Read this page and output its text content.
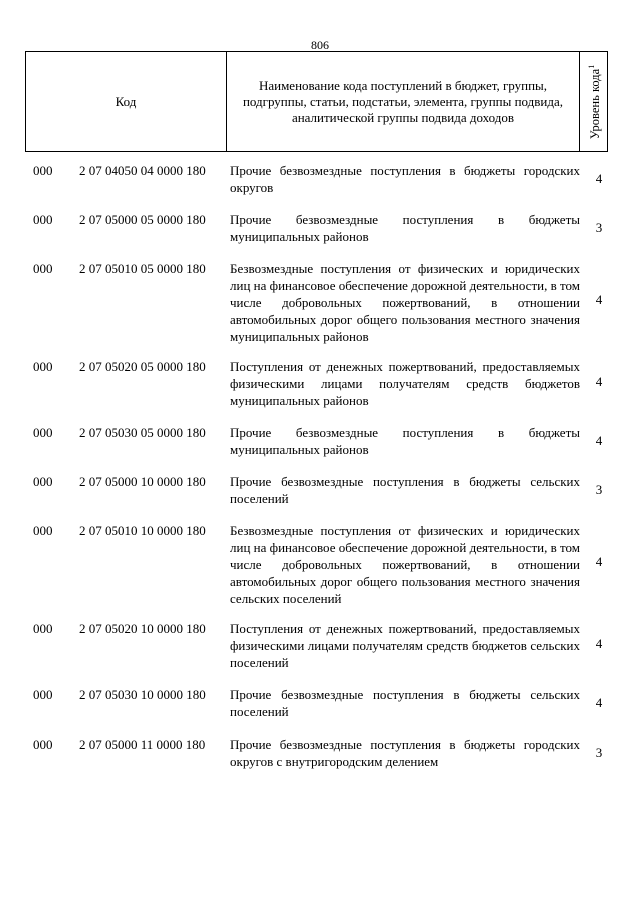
806
Код
Наименование кода поступлений в бюджет, группы, подгруппы, статьи, подстатьи, элемента, группы подвида, аналитической группы подвида доходов	Уровень кода$^1$
000 2 07 04050 04 0000 180 Прочие безвозмездные поступления в бюджеты городских округов
4
000 2 07 05000 05 0000 180 Прочие безвозмездные поступления в бюджеты муниципальных районов
3
000 2 07 05010 05 0000 180 Безвозмездные поступления от физических и юридических лиц на финансовое обеспечение дорожной деятельности, в том числе добровольных пожертвований, в отношении автомобильных дорог общего пользования местного значения муниципальных районов
4
000 2 07 05020 05 0000 180 Поступления от денежных пожертвований, предоставляемых физическими лицами получателям средств бюджетов муниципальных районов
4
000 2 07 05030 05 0000 180 Прочие безвозмездные поступления в бюджеты муниципальных районов
4
000 2 07 05000 10 0000 180 Прочие безвозмездные поступления в бюджеты сельских поселений
3
000 2 07 05010 10 0000 180 Безвозмездные поступления от физических и юридических лиц на финансовое обеспечение дорожной деятельности, в том числе добровольных пожертвований, в отношении автомобильных дорог общего пользования местного значения сельских поселений
4
000 2 07 05020 10 0000 180 Поступления от денежных пожертвований, предоставляемых физическими лицами получателям средств бюджетов сельских поселений
4
000 2 07 05030 10 0000 180 Прочие безвозмездные поступления в бюджеты сельских поселений
4
000 2 07 05000 11 0000 180 Прочие безвозмездные поступления в бюджеты городских округов с внутригородским делением
3
